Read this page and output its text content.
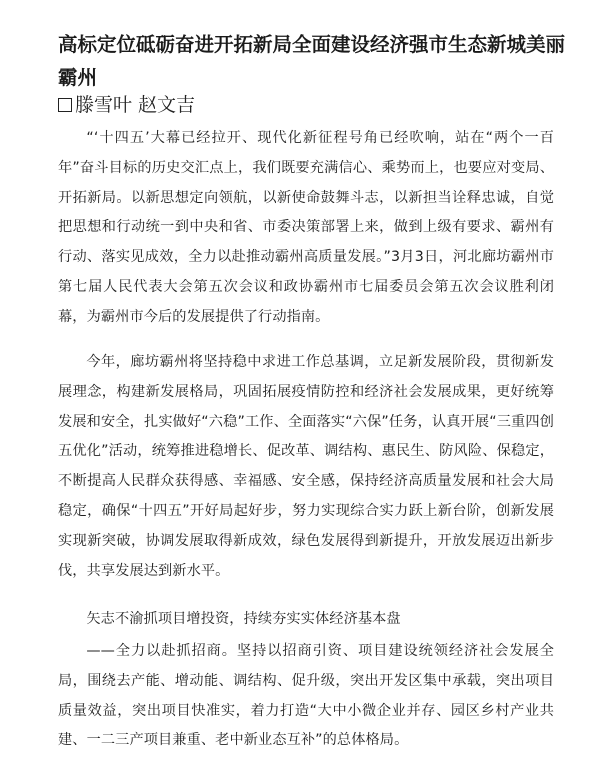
高标定位砥砺奋进开拓新局全面建设经济强市生态新城美丽霸州
滕雪叶 赵文吉

“‘十四五’大幕已经拉开、现代化新征程号角已经吹响，站在“两个一百年”奋斗目标的历史交汇点上，我们既要充满信心、乘势而上，也要应对变局、开拓新局。以新思想定向领航，以新使命鼓舞斗志，以新担当诠释忠诚，自觉把思想和行动统一到中央和省、市委决策部署上来，做到上级有要求、霸州有行动、落实见成效，全力以赴推动霸州高质量发展。”3月3日，河北廊坊霸州市第七届人民代表大会第五次会议和政协霸州市七届委员会第五次会议胜利闭幕，为霸州市今后的发展提供了行动指南。

今年，廊坊霸州将坚持稳中求进工作总基调，立足新发展阶段，贯彻新发展理念，构建新发展格局，巩固拓展疫情防控和经济社会发展成果，更好统筹发展和安全，扎实做好“六稳”工作、全面落实“六保”任务，认真开展“三重四创五优化”活动，统筹推进稳增长、促改革、调结构、惠民生、防风险、保稳定，不断提高人民群众获得感、幸福感、安全感，保持经济高质量发展和社会大局稳定，确保“十四五”开好局起好步，努力实现综合实力跃上新台阶，创新发展实现新突破，协调发展取得新成效，绿色发展得到新提升，开放发展迈出新步伐，共享发展达到新水平。

矢志不渝抓项目增投资，持续夯实实体经济基本盘

——全力以赴抓招商。坚持以招商引资、项目建设统领经济社会发展全局，围绕去产能、增动能、调结构、促升级，突出开发区集中承载，突出项目质量效益，突出项目快准实，着力打造“大中小微企业并存、园区乡村产业共建、一二三产项目兼重、老中新业态互补”的总体格局。
